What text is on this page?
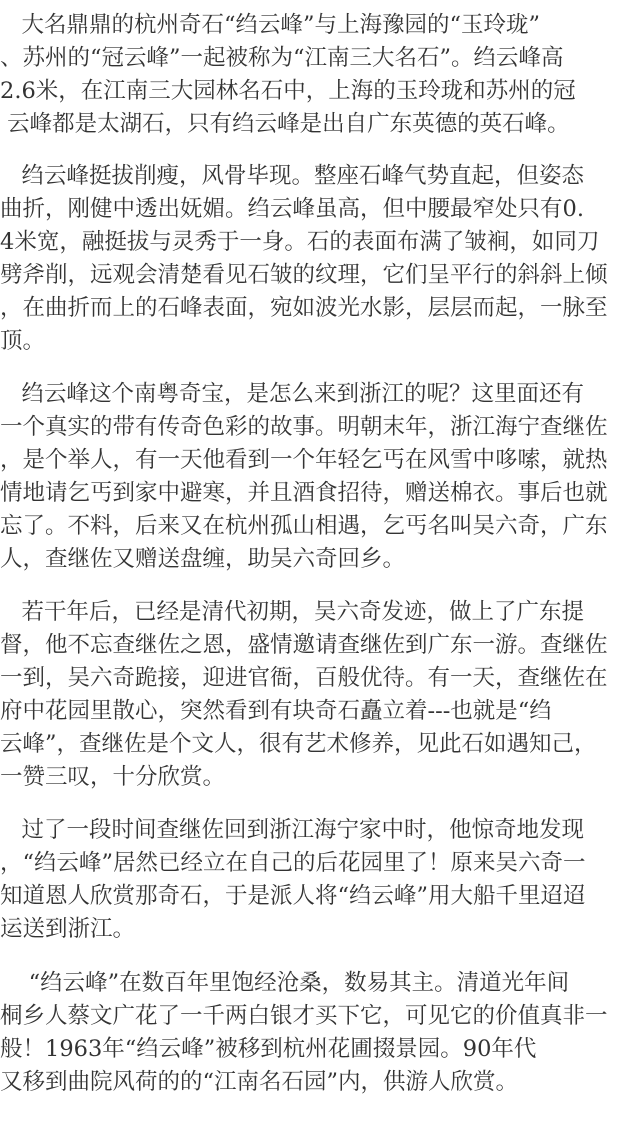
大名鼎鼎的杭州奇石“绉云峰”与上海豫园的“玉玲珑”
、苏州的“冠云峰”一起被称为“江南三大名石”。绉云峰高
2.6米，在江南三大园林名石中，上海的玉玲珑和苏州的冠
云峰都是太湖石，只有绉云峰是出自广东英德的英石峰。
绉云峰挺拔削瘦，风骨毕现。整座石峰气势直起，但姿态
曲折，刚健中透出妩媚。绉云峰虽高，但中腰最窄处只有0.
4米宽，融挺拔与灵秀于一身。石的表面布满了皱裥，如同刀
劈斧削，远观会清楚看见石皱的纹理，它们呈平行的斜斜上倾
，在曲折而上的石峰表面，宛如波光水影，层层而起，一脉至
顶。
绉云峰这个南粤奇宝，是怎么来到浙江的呢？这里面还有
一个真实的带有传奇色彩的故事。明朝末年，浙江海宁查继佐
，是个举人，有一天他看到一个年轻乞丐在风雪中哆嗦，就热
情地请乞丐到家中避寒，并且酒食招待，赠送棉衣。事后也就
忘了。不料，后来又在杭州孤山相遇，乞丐名叫吴六奇，广东
人，查继佐又赠送盘缠，助吴六奇回乡。
若干年后，已经是清代初期，吴六奇发迹，做上了广东提
督，他不忘查继佐之恩，盛情邀请查继佐到广东一游。查继佐
一到，吴六奇跪接，迎进官衙，百般优待。有一天，查继佐在
府中花园里散心，突然看到有块奇石矗立着---也就是“绉
云峰”，查继佐是个文人，很有艺术修养，见此石如遇知己，
一赞三叹，十分欣赏。
过了一段时间查继佐回到浙江海宁家中时，他惊奇地发现
，“绉云峰”居然已经立在自己的后花园里了！原来吴六奇一
知道恩人欣赏那奇石，于是派人将“绉云峰”用大船千里迢迢
运送到浙江。
“绉云峰”在数百年里饱经沧桑，数易其主。清道光年间
桐乡人蔡文广花了一千两白银才买下它，可见它的价值真非一
般！1963年“绉云峰”被移到杭州花圃掇景园。90年代
又移到曲院风荷的的“江南名石园”内，供游人欣赏。
